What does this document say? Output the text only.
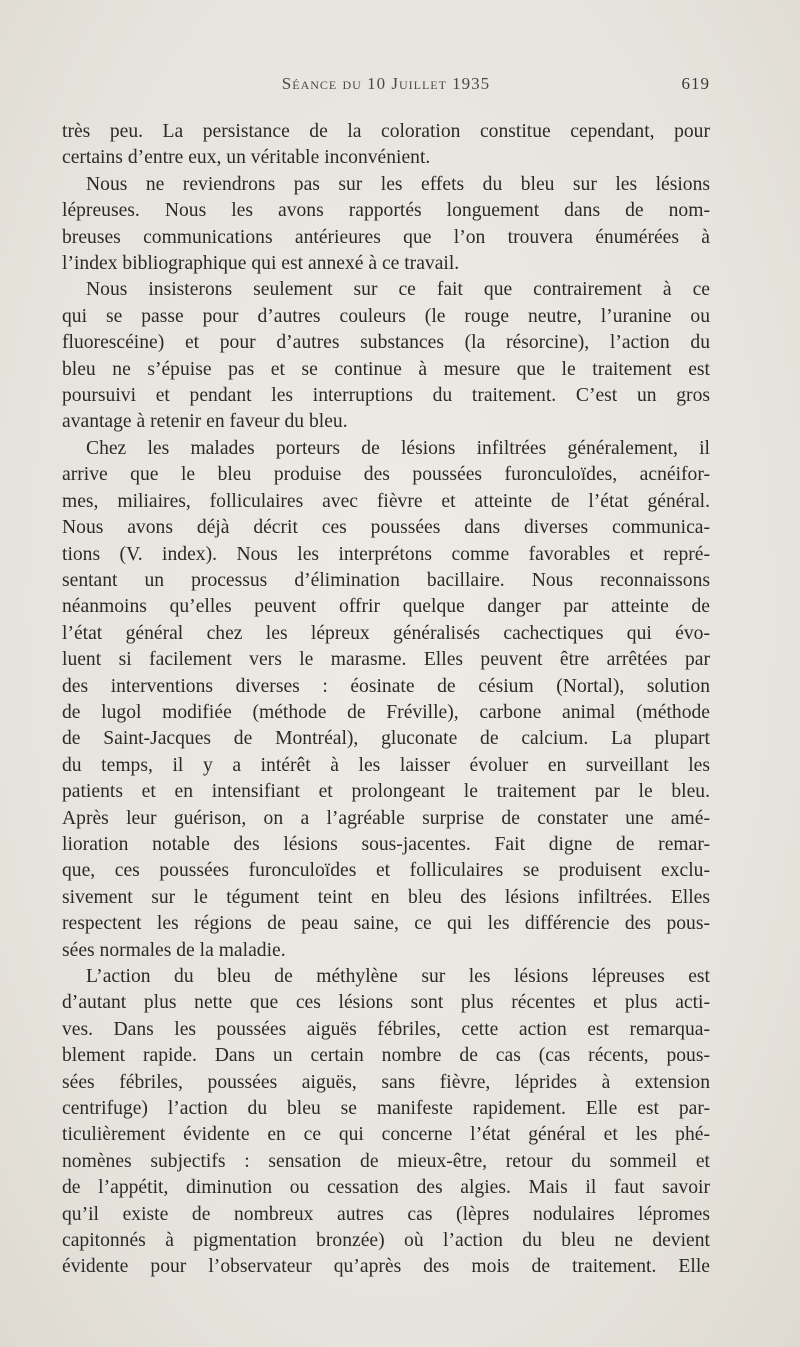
Séance du 10 Juillet 1935	619
très peu. La persistance de la coloration constitue cependant, pour
certains d’entre eux, un véritable inconvénient.
Nous ne reviendrons pas sur les effets du bleu sur les lésions
lépreuses. Nous les avons rapportés longuement dans de nom-
breuses communications antérieures que l’on trouvera énumérées à
l’index bibliographique qui est annexé à ce travail.
Nous insisterons seulement sur ce fait que contrairement à ce
qui se passe pour d’autres couleurs (le rouge neutre, l’uranine ou
fluorescéine) et pour d’autres substances (la résorcine), l’action du
bleu ne s’épuise pas et se continue à mesure que le traitement est
poursuivi et pendant les interruptions du traitement. C’est un gros
avantage à retenir en faveur du bleu.
Chez les malades porteurs de lésions infiltrées généralement, il
arrive que le bleu produise des poussées furonculoïdes, acnéifor-
mes, miliaires, folliculaires avec fièvre et atteinte de l’état général.
Nous avons déjà décrit ces poussées dans diverses communica-
tions (V. index). Nous les interprétons comme favorables et repré-
sentant un processus d’élimination bacillaire. Nous reconnaissons
néanmoins qu’elles peuvent offrir quelque danger par atteinte de
l’état général chez les lépreux généralisés cachectiques qui évo-
luent si facilement vers le marasme. Elles peuvent être arrêtées par
des interventions diverses : éosinate de césium (Nortal), solution
de lugol modifiée (méthode de Fréville), carbone animal (méthode
de Saint-Jacques de Montréal), gluconate de calcium. La plupart
du temps, il y a intérêt à les laisser évoluer en surveillant les
patients et en intensifiant et prolongeant le traitement par le bleu.
Après leur guérison, on a l’agréable surprise de constater une amé-
lioration notable des lésions sous-jacentes. Fait digne de remar-
que, ces poussées furonculoïdes et folliculaires se produisent exclu-
sivement sur le tégument teint en bleu des lésions infiltrées. Elles
respectent les régions de peau saine, ce qui les différencie des pous-
sées normales de la maladie.
L’action du bleu de méthylène sur les lésions lépreuses est
d’autant plus nette que ces lésions sont plus récentes et plus acti-
ves. Dans les poussées aiguës fébriles, cette action est remarqua-
blement rapide. Dans un certain nombre de cas (cas récents, pous-
sées fébriles, poussées aiguës, sans fièvre, léprides à extension
centrifuge) l’action du bleu se manifeste rapidement. Elle est par-
ticulièrement évidente en ce qui concerne l’état général et les phé-
nomènes subjectifs : sensation de mieux-être, retour du sommeil et
de l’appétit, diminution ou cessation des algies. Mais il faut savoir
qu’il existe de nombreux autres cas (lèpres nodulaires lépromes
capitonnés à pigmentation bronzée) où l’action du bleu ne devient
évidente pour l’observateur qu’après des mois de traitement. Elle
